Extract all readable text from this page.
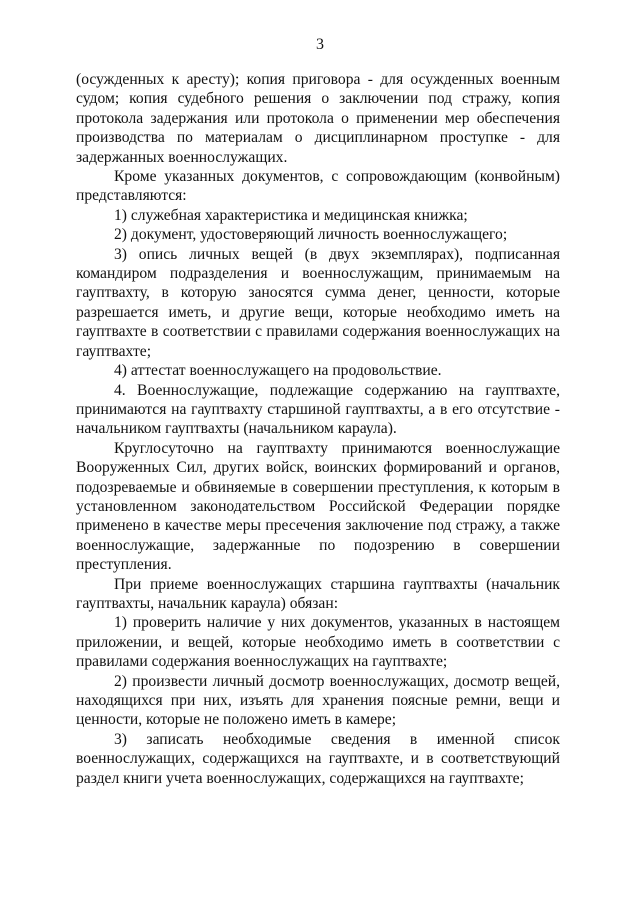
3

(осужденных к аресту); копия приговора - для осужденных военным судом; копия судебного решения о заключении под стражу, копия протокола задержания или протокола о применении мер обеспечения производства по материалам о дисциплинарном проступке - для задержанных военнослужащих.

Кроме указанных документов, с сопровождающим (конвойным) представляются:

1) служебная характеристика и медицинская книжка;

2) документ, удостоверяющий личность военнослужащего;

3) опись личных вещей (в двух экземплярах), подписанная командиром подразделения и военнослужащим, принимаемым на гауптвахту, в которую заносятся сумма денег, ценности, которые разрешается иметь, и другие вещи, которые необходимо иметь на гауптвахте в соответствии с правилами содержания военнослужащих на гауптвахте;

4) аттестат военнослужащего на продовольствие.

4. Военнослужащие, подлежащие содержанию на гауптвахте, принимаются на гауптвахту старшиной гауптвахты, а в его отсутствие - начальником гауптвахты (начальником караула).

Круглосуточно на гауптвахту принимаются военнослужащие Вооруженных Сил, других войск, воинских формирований и органов, подозреваемые и обвиняемые в совершении преступления, к которым в установленном законодательством Российской Федерации порядке применено в качестве меры пресечения заключение под стражу, а также военнослужащие, задержанные по подозрению в совершении преступления.

При приеме военнослужащих старшина гауптвахты (начальник гауптвахты, начальник караула) обязан:

1) проверить наличие у них документов, указанных в настоящем приложении, и вещей, которые необходимо иметь в соответствии с правилами содержания военнослужащих на гауптвахте;

2) произвести личный досмотр военнослужащих, досмотр вещей, находящихся при них, изъять для хранения поясные ремни, вещи и ценности, которые не положено иметь в камере;

3) записать необходимые сведения в именной список военнослужащих, содержащихся на гауптвахте, и в соответствующий раздел книги учета военнослужащих, содержащихся на гауптвахте;
